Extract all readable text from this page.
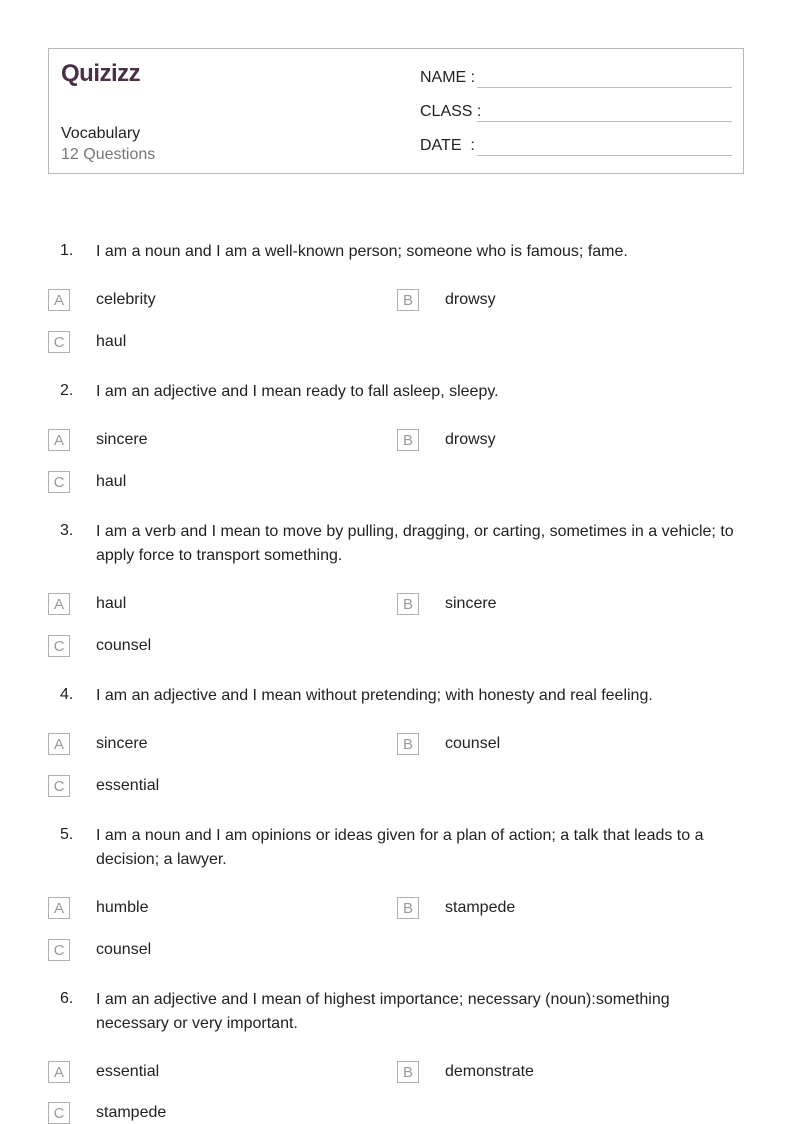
Quizizz
Vocabulary
12 Questions
NAME :
CLASS :
DATE  :
1. I am a noun and I am a well-known person; someone who is famous; fame.
A	celebrity	B	drowsy
C	haul
2. I am an adjective and I mean ready to fall asleep, sleepy.
A	sincere	B	drowsy
C	haul
3. I am a verb and I mean to move by pulling, dragging, or carting, sometimes in a vehicle; to apply force to transport something.
A	haul	B	sincere
C	counsel
4. I am an adjective and I mean without pretending; with honesty and real feeling.
A	sincere	B	counsel
C	essential
5. I am a noun and I am opinions or ideas given for a plan of action; a talk that leads to a decision; a lawyer.
A	humble	B	stampede
C	counsel
6. I am an adjective and I mean of highest importance; necessary (noun):something necessary or very important.
A	essential	B	demonstrate
C	stampede
